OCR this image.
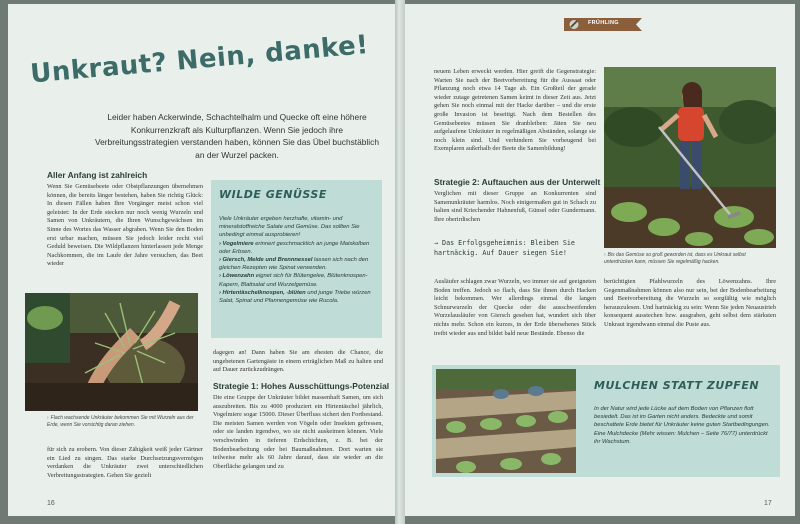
Unkraut? Nein, danke!
Leider haben Ackerwinde, Schachtelhalm und Quecke oft eine höhere Konkurrenzkraft als Kulturpflanzen. Wenn Sie jedoch ihre Verbreitungsstrategien verstanden haben, können Sie das Übel buchstäblich an der Wurzel packen.
Aller Anfang ist zahlreich
Wenn Sie Gemüsebeete oder Obstpflanzungen übernehmen können, die bereits länger bestehen, haben Sie richtig Glück: In diesen Fällen haben Ihre Vorgänger meist schon viel geleistet: In der Erde stecken nur noch wenig Wurzeln und Samen von Unkräutern, die Ihren Wunschgewächsen im Sinne des Wortes das Wasser abgraben. Wenn Sie den Boden erst urbar machen, müssen Sie jedoch leider recht viel Geduld beweisen. Die Wildpflanzen hinterlassen jede Menge Nachkommen, die im Laufe der Jahre versuchen, das Beet wieder
› Flach wachsende Unkräuter bekommen Sie mit Wurzeln aus der Erde, wenn Sie vorsichtig daran ziehen.
für sich zu erobern. Von dieser Zähigkeit weiß jeder Gärtner ein Lied zu singen. Das starke Durchsetzungsvermögen verdanken die Unkräuter zwei unterschiedlichen Verbreitungsstrategien. Gehen Sie gezielt
WILDE GENÜSSE
Viele Unkräuter ergeben herzhafte, vitamin- und mineralstoffreiche Salate und Gemüse. Das sollten Sie unbedingt einmal ausprobieren!
› Vogelmiere erinnert geschmacklich an junge Maiskolben oder Erbsen.
› Giersch, Melde und Brennnessel lassen sich nach den gleichen Rezepten wie Spinat verwenden.
› Löwenzahn eignet sich für Blütengelee, Blütenknospen-Kapern, Blattsalat und Wurzelgemüse.
› Hirtentäschelknospen, -blüten und junge Triebe würzen Salat, Spinat und Pfannengemüse wie Rucola.
dagegen an! Dann haben Sie am ehesten die Chance, die ungebetenen Gartengäste in einem erträglichen Maß zu halten und auf Dauer zurückzudrängen.
Strategie 1: Hohes Ausschüttungs-Potenzial
Die eine Gruppe der Unkräuter bildet massenhaft Samen, um sich auszubreiten. Bis zu 4000 produziert ein Hirtentäschel jährlich, Vogelmiere sogar 15000. Dieser Überfluss sichert den Fortbestand. Die meisten Samen werden von Vögeln oder Insekten gefressen, oder sie landen irgendwo, wo sie nicht auskeimen können. Viele verschwinden in tieferen Erdschichten, z. B. bei der Bodenbearbeitung oder bei Baumaßnahmen. Dort warten sie teilweise mehr als 60 Jahre darauf, dass sie wieder an die Oberfläche gelangen und zu
16
FRÜHLING
neuem Leben erweckt werden. Hier greift die Gegenstrategie: Warten Sie nach der Beetvorbereitung für die Aussaat oder Pflanzung noch etwa 14 Tage ab. Ein Großteil der gerade wieder zutage getretenen Samen keimt in dieser Zeit aus. Jetzt gehen Sie noch einmal mit der Hacke darüber – und die erste große Invasion ist beseitigt. Nach dem Bestellen des Gemüsebeetes müssen Sie dranbleiben: Jäten Sie neu aufgelaufene Unkräuter in regelmäßigen Abständen, solange sie noch klein sind. Und verhindern Sie vorbeugend bei Exemplaren außerhalb der Beete die Samenbildung!
Strategie 2: Auftauchen aus der Unterwelt
Verglichen mit dieser Gruppe an Konkurrenten sind Samenunkräuter harmlos. Noch einigermaßen gut in Schach zu halten sind Kriechender Hahnenfuß, Günsel oder Gundermann. Ihre oberirdischen
→ Das Erfolgsgeheimnis: Bleiben Sie hartnäckig. Auf Dauer siegen Sie!	› Bis das Gemüse so groß geworden ist, dass es Unkraut selbst unterdrücken kann, müssen Sie regelmäßig hacken.
Ausläufer schlagen zwar Wurzeln, wo immer sie auf geeigneten Boden treffen. Jedoch so flach, dass Sie ihnen durch Hacken leicht bekommen. Wer allerdings einmal die langen Schnurwurzeln der Quecke oder die ausschweifenden Wurzelausläufer von Giersch gesehen hat, wundert sich über nichts mehr. Schon ein kurzes, in der Erde übersehenes Stück treibt wieder aus und bildet bald neue Bestände. Ebenso die
berüchtigten Pfahlwurzeln des Löwenzahns. Ihre Gegenmaßnahmen können also nur sein, bei der Bodenbearbeitung und Beetvorbereitung die Wurzeln so sorgfältig wie möglich herauszulesen. Und hartnäckig zu sein: Wenn Sie jeden Neuaustrieb konsequent ausstechen bzw. ausgraben, geht selbst dem stärksten Unkraut irgendwann einmal die Puste aus.
MULCHEN STATT ZUPFEN
In der Natur wird jede Lücke auf dem Boden von Pflanzen flott besiedelt. Das ist im Garten nicht anders. Bedeckte und somit beschattete Erde bietet für Unkräuter keine guten Startbedingungen. Eine Mulchdecke (Mehr wissen: Mulchen – Seite 76/77) unterdrückt ihr Wachstum.
17
